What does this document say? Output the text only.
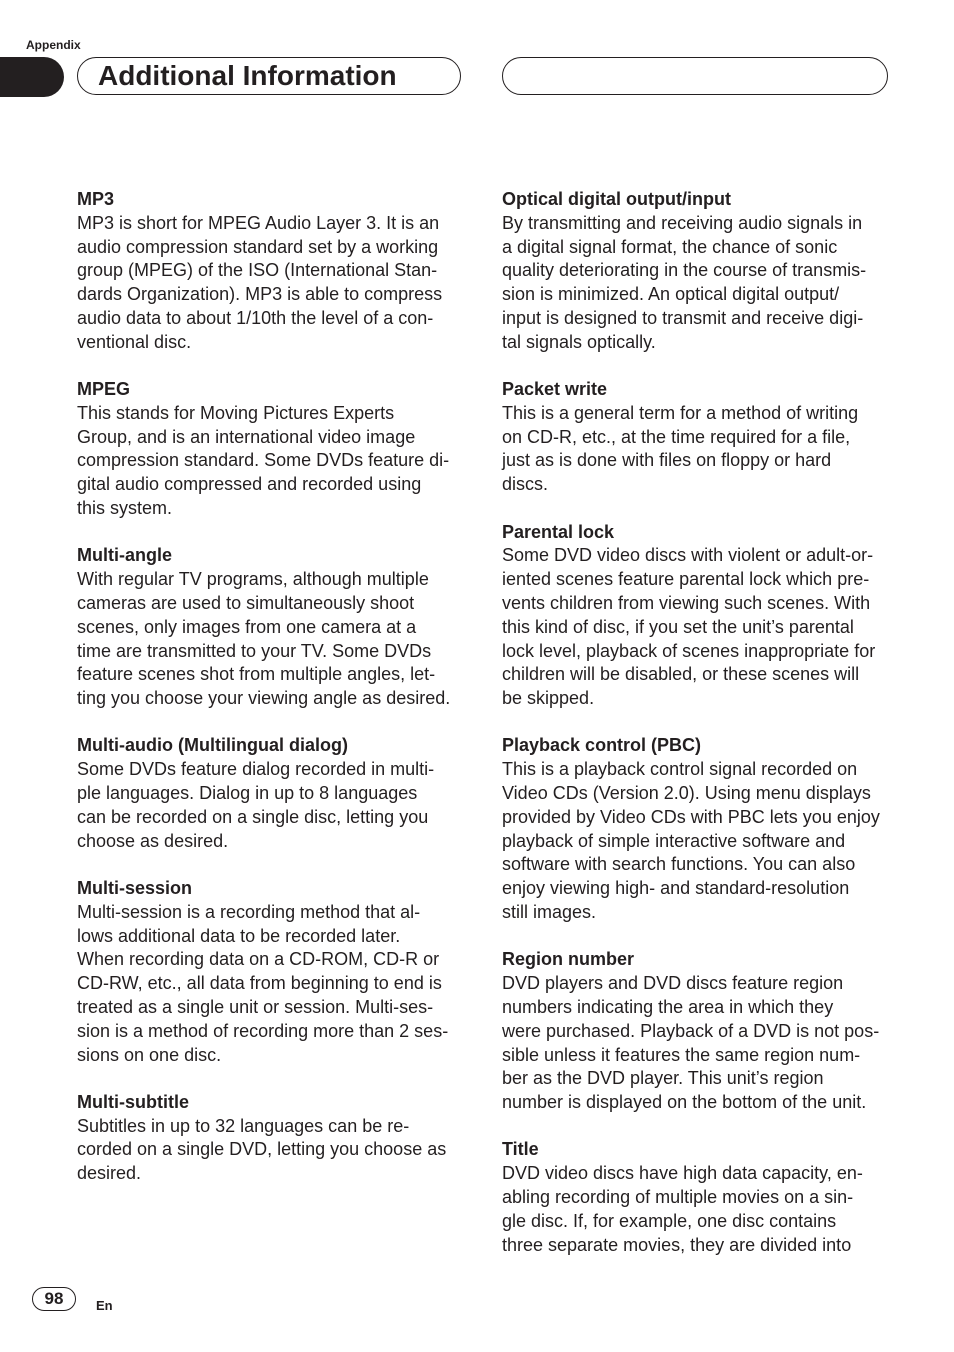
Appendix
Additional Information

MP3

MP3 is short for MPEG Audio Layer 3. It is an

audio compression standard set by a working

group (MPEG) of the ISO (International Stan-

dards Organization). MP3 is able to compress

audio data to about 1/10th the level of a con-

ventional disc.

MPEG

This stands for Moving Pictures Experts

Group, and is an international video image

compression standard. Some DVDs feature di-

gital audio compressed and recorded using

this system.

Multi-angle

With regular TV programs, although multiple

cameras are used to simultaneously shoot

scenes, only images from one camera at a

time are transmitted to your TV. Some DVDs

feature scenes shot from multiple angles, let-

ting you choose your viewing angle as desired.

Multi-audio (Multilingual dialog)

Some DVDs feature dialog recorded in multi-

ple languages. Dialog in up to 8 languages

can be recorded on a single disc, letting you

choose as desired.

Multi-session

Multi-session is a recording method that al-

lows additional data to be recorded later.

When recording data on a CD-ROM, CD-R or

CD-RW, etc., all data from beginning to end is

treated as a single unit or session. Multi-ses-

sion is a method of recording more than 2 ses-

sions on one disc.

Multi-subtitle

Subtitles in up to 32 languages can be re-

corded on a single DVD, letting you choose as

desired.

Optical digital output/input

By transmitting and receiving audio signals in

a digital signal format, the chance of sonic

quality deteriorating in the course of transmis-

sion is minimized. An optical digital output/

input is designed to transmit and receive digi-

tal signals optically.

Packet write

This is a general term for a method of writing

on CD-R, etc., at the time required for a file,

just as is done with files on floppy or hard

discs.

Parental lock

Some DVD video discs with violent or adult-or-

iented scenes feature parental lock which pre-

vents children from viewing such scenes. With

this kind of disc, if you set the unit’s parental

lock level, playback of scenes inappropriate for

children will be disabled, or these scenes will

be skipped.

Playback control (PBC)

This is a playback control signal recorded on

Video CDs (Version 2.0). Using menu displays

provided by Video CDs with PBC lets you enjoy

playback of simple interactive software and

software with search functions. You can also

enjoy viewing high- and standard-resolution

still images.

Region number

DVD players and DVD discs feature region

numbers indicating the area in which they

were purchased. Playback of a DVD is not pos-

sible unless it features the same region num-

ber as the DVD player. This unit’s region

number is displayed on the bottom of the unit.

Title

DVD video discs have high data capacity, en-

abling recording of multiple movies on a sin-

gle disc. If, for example, one disc contains

three separate movies, they are divided into

98	En
